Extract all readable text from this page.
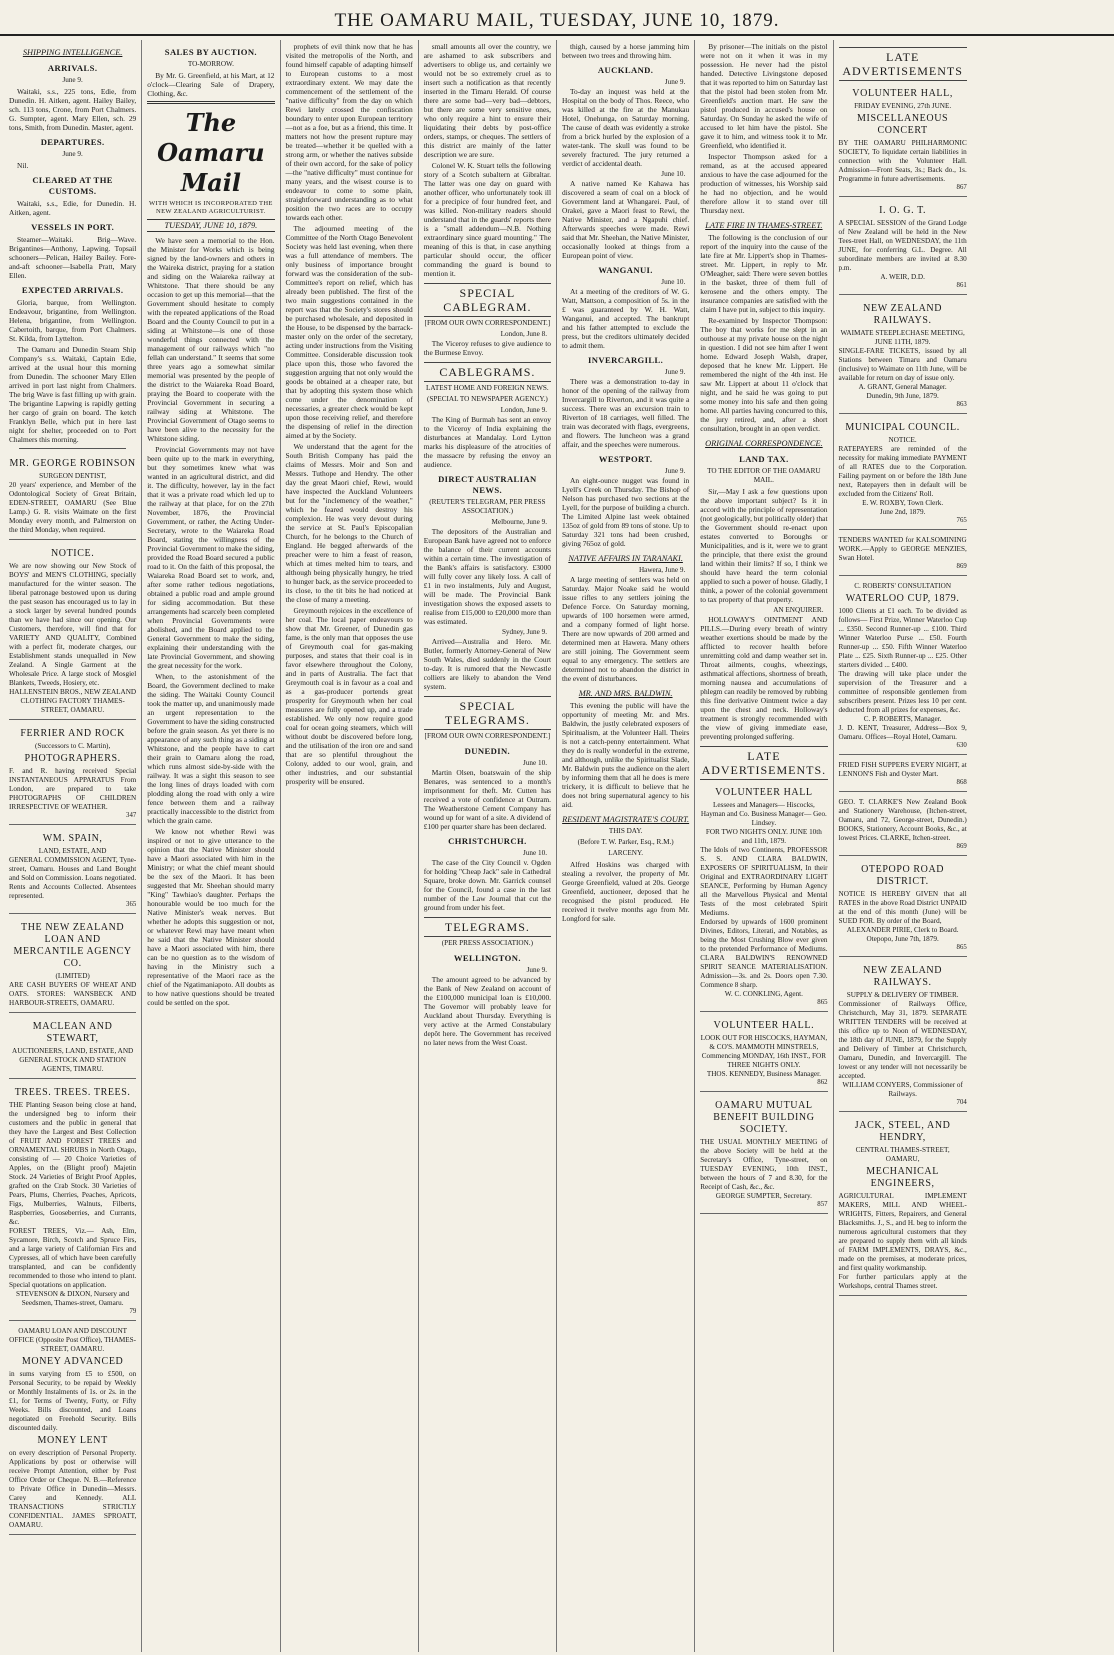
THE OAMARU MAIL, TUESDAY, JUNE 10, 1879.
SHIPPING INTELLIGENCE.
ARRIVALS.
June 9.
Waitaki, s.s., 225 tons, Edie, from Dunedin. H. Aitken, agent. Hailey Bailey, sch. 113 tons, Crone, from Port Chalmers. G. Sumpter, agent. Mary Ellen, sch. 29 tons, Smith, from Dunedin. Master, agent.
DEPARTURES.
June 9.
Nil.
CLEARED AT THE CUSTOMS.
Waitaki, s.s., Edie, for Dunedin. H. Aitken, agent.
VESSELS IN PORT.
Steamer—Waitaki. Brig—Wave. Brigantines—Anthony, Lapwing. Topsail schooners—Pelican, Hailey Bailey. Fore-and-aft schooner—Isabella Pratt, Mary Ellen.
EXPECTED ARRIVALS.
Gloria, barque, from Wellington. Endeavour, brigantine, from Wellington. Helena, brigantine, from Wellington. Cabertoith, barque, from Port Chalmers. St. Kilda, from Lyttelton.
The Oamaru and Dunedin Steam Ship Company's s.s. Waitaki, Captain Edie, arrived at the usual hour this morning from Dunedin. The schooner Mary Ellen arrived in port last night from Chalmers. The brig Wave is fast filling up with grain. The brigantine Lapwing is rapidly getting her cargo of grain on board. The ketch Franklyn Belle, which put in here last night for shelter, proceeded on to Port Chalmers this morning.
MR. GEORGE ROBINSON
SURGEON DENTIST,
20 years' experience, and Member of the Odontological Society of Great Britain, EDEN-STREET, OAMARU (See Blue Lamp.) G. R. visits Waimate on the first Monday every month, and Palmerston on the third Monday, when required.
NOTICE.
We are now showing our New Stock of BOYS' and MEN'S CLOTHING, specially manufactured for the winter season. The liberal patronage bestowed upon us during the past season has encouraged us to lay in a stock larger by several hundred pounds than we have had since our opening. Our Customers, therefore, will find that for VARIETY AND QUALITY, Combined with a perfect fit, moderate charges, our Establishment stands unequalled in New Zealand. A Single Garment at the Wholesale Price. A large stock of Mosgiel Blankets, Tweeds, Hosiery, etc.
HALLENSTEIN BROS., NEW ZEALAND CLOTHING FACTORY THAMES-STREET, OAMARU.
FERRIER AND ROCK
(Successors to C. Martin),
PHOTOGRAPHERS.
F. and R. having received Special INSTANTANEOUS APPARATUS From London, are prepared to take PHOTOGRAPHS OF CHILDREN IRRESPECTIVE OF WEATHER.
347
WM. SPAIN,
LAND, ESTATE, AND
GENERAL COMMISSION AGENT, Tyne-street, Oamaru. Houses and Land Bought and Sold on Commission. Loans negotiated. Rents and Accounts Collected. Absentees represented.
365
THE NEW ZEALAND LOAN AND MERCANTILE AGENCY CO.
(LIMITED)
ARE CASH BUYERS OF WHEAT AND OATS. STORES: WANSBECK AND HARBOUR-STREETS, OAMARU.
MACLEAN AND STEWART,
AUCTIONEERS, LAND, ESTATE, AND GENERAL STOCK AND STATION AGENTS, TIMARU.
TREES. TREES. TREES.
THE Planting Season being close at hand, the undersigned beg to inform their customers and the public in general that they have the Largest and Best Collection of FRUIT AND FOREST TREES and ORNAMENTAL SHRUBS in North Otago, consisting of — 20 Choice Varieties of Apples, on the (Blight proof) Majetin Stock. 24 Varieties of Bright Proof Apples, grafted on the Crab Stock. 30 Varieties of Pears, Plums, Cherries, Peaches, Apricots, Figs, Mulberries, Walnuts, Filberts, Raspberries, Gooseberries, and Currants, &c.
FOREST TREES, Viz.— Ash, Elm, Sycamore, Birch, Scotch and Spruce Firs, and a large variety of Californian Firs and Cypresses, all of which have been carefully transplanted, and can be confidently recommended to those who intend to plant. Special quotations on application.
STEVENSON & DIXON, Nursery and Seedsmen, Thames-street, Oamaru.
79
OAMARU LOAN AND DISCOUNT OFFICE (Opposite Post Office), THAMES-STREET, OAMARU.
MONEY ADVANCED
in sums varying from £5 to £500, on Personal Security, to be repaid by Weekly or Monthly Instalments of 1s. or 2s. in the £1, for Terms of Twenty, Forty, or Fifty Weeks. Bills discounted, and Loans negotiated on Freehold Security. Bills discounted daily.
MONEY LENT
on every description of Personal Property. Applications by post or otherwise will receive Prompt Attention, either by Post Office Order or Cheque. N. B.—Reference to Private Office in Dunedin—Messrs. Carey and Kennedy. ALL TRANSACTIONS STRICTLY CONFIDENTIAL. JAMES SPROATT, OAMARU.
SALES BY AUCTION.
TO-MORROW.
By Mr. G. Greenfield, at his Mart, at 12 o'clock—Clearing Sale of Drapery, Clothing, &c.
The Oamaru Mail
WITH WHICH IS INCORPORATED THE NEW ZEALAND AGRICULTURIST.
TUESDAY, JUNE 10, 1879.
We have seen a memorial to the Hon. the Minister for Works which is being signed by the land-owners and others in the Waireka district, praying for a station and siding on the Waiareka railway at Whitstone. That there should be any occasion to get up this memorial—that the Government should hesitate to comply with the repeated applications of the Road Board and the County Council to put in a siding at Whitstone—is one of those wonderful things connected with the management of our railways which "no fellah can understand." It seems that some three years ago a somewhat similar memorial was presented by the people of the district to the Waiareka Road Board, praying the Board to cooperate with the Provincial Government in securing a railway siding at Whitstone. The Provincial Government of Otago seems to have been alive to the necessity for the Whitstone siding.
Provincial Governments may not have been quite up to the mark in everything, but they sometimes knew what was wanted in an agricultural district, and did it. The difficulty, however, lay in the fact that it was a private road which led up to the railway at that place, for on the 27th November, 1876, the Provincial Government, or rather, the Acting Under-Secretary, wrote to the Waiareka Road Board, stating the willingness of the Provincial Government to make the siding, provided the Road Board secured a public road to it. On the faith of this proposal, the Waiareka Road Board set to work, and, after some rather tedious negotiations, obtained a public road and ample ground for siding accommodation. But these arrangements had scarcely been completed when Provincial Governments were abolished, and the Board applied to the General Government to make the siding, explaining their understanding with the late Provincial Government, and showing the great necessity for the work.
When, to the astonishment of the Board, the Government declined to make the siding. The Waitaki County Council took the matter up, and unanimously made an urgent representation to the Government to have the siding constructed before the grain season. As yet there is no appearance of any such thing as a siding at Whitstone, and the people have to cart their grain to Oamaru along the road, which runs almost side-by-side with the railway. It was a sight this season to see the long lines of drays loaded with corn plodding along the road with only a wire fence between them and a railway practically inaccessible to the district from which the grain came.
We know not whether Rewi was inspired or not to give utterance to the opinion that the Native Minister should have a Maori associated with him in the Ministry; or what the chief meant should be the sex of the Maori. It has been suggested that Mr. Sheehan should marry "King" Tawhiao's daughter. Perhaps the honourable would be too much for the Native Minister's weak nerves. But whether he adopts this suggestion or not, or whatever Rewi may have meant when he said that the Native Minister should have a Maori associated with him, there can be no question as to the wisdom of having in the Ministry such a representative of the Maori race as the chief of the Ngatimaniapoto. All doubts as to how native questions should be treated could be settled on the spot.
prophets of evil think now that he has visited the metropolis of the North, and found himself capable of adapting himself to European customs to a most extraordinary extent. We may date the commencement of the settlement of the "native difficulty" from the day on which Rewi lately crossed the confiscation boundary to enter upon European territory—not as a foe, but as a friend, this time. It matters not how the present rupture may be treated—whether it be quelled with a strong arm, or whether the natives subside of their own accord, for the sake of policy—the "native difficulty" must continue for many years, and the wisest course is to endeavour to come to some plain, straightforward understanding as to what position the two races are to occupy towards each other.
The adjourned meeting of the Committee of the North Otago Benevolent Society was held last evening, when there was a full attendance of members. The only business of importance brought forward was the consideration of the sub-Committee's report on relief, which has already been published. The first of the two main suggestions contained in the report was that the Society's stores should be purchased wholesale, and deposited in the House, to be dispensed by the barrack-master only on the order of the secretary, acting under instructions from the Visiting Committee. Considerable discussion took place upon this, those who favored the suggestion arguing that not only would the goods be obtained at a cheaper rate, but that by adopting this system those which come under the denomination of necessaries, a greater check would be kept upon those receiving relief, and therefore the dispensing of relief in the direction aimed at by the Society.
We understand that the agent for the South British Company has paid the claims of Messrs. Moir and Son and Messrs. Tuthope and Hendry. The other day the great Maori chief, Rewi, would have inspected the Auckland Volunteers but for the "inclemency of the weather," which he feared would destroy his complexion. He was very devout during the service at St. Paul's Episcopalian Church, for he belongs to the Church of England. He begged afterwards of the preacher were to him a feast of reason, which at times melted him to tears, and although being physically hungry, he tried to hunger back, as the service proceeded to its close, to the tit bits he had noticed at the close of many a meeting.
Greymouth rejoices in the excellence of her coal. The local paper endeavours to show that Mr. Greener, of Dunedin gas fame, is the only man that opposes the use of Greymouth coal for gas-making purposes, and states that their coal is in favor elsewhere throughout the Colony, and in parts of Australia. The fact that Greymouth coal is in favour as a coal and as a gas-producer portends great prosperity for Greymouth when her coal measures are fully opened up, and a trade established. We only now require good coal for ocean going steamers, which will without doubt be discovered before long, and the utilisation of the iron ore and sand that are so plentiful throughout the Colony, added to our wool, grain, and other industries, and our substantial prosperity will be ensured.
small amounts all over the country, we are ashamed to ask subscribers and advertisers to oblige us, and certainly we would not be so extremely cruel as to insert such a notification as that recently inserted in the Timaru Herald. Of course there are some bad—very bad—debtors, but there are some very sensitive ones, who only require a hint to ensure their liquidating their debts by post-office orders, stamps, or cheques. The settlers of this district are mainly of the latter description we are sure.
Colonel W. K. Stuart tells the following story of a Scotch subaltern at Gibraltar. The latter was one day on guard with another officer, who unfortunately took ill for a precipice of four hundred feet, and was killed. Non-military readers should understand that in the guards' reports there is a "small addendum—N.B. Nothing extraordinary since guard mounting." The meaning of this is that, in case anything particular should occur, the officer commanding the guard is bound to mention it.
SPECIAL CABLEGRAM.
[FROM OUR OWN CORRESPONDENT.]
London, June 8.
The Viceroy refuses to give audience to the Burmese Envoy.
CABLEGRAMS.
LATEST HOME AND FOREIGN NEWS.
(SPECIAL TO NEWSPAPER AGENCY.)
London, June 9.
The King of Burmah has sent an envoy to the Viceroy of India explaining the disturbances at Mandalay. Lord Lytton marks his displeasure of the atrocities of the massacre by refusing the envoy an audience.
DIRECT AUSTRALIAN NEWS.
(REUTER'S TELEGRAM, PER PRESS ASSOCIATION.)
Melbourne, June 9.
The depositors of the Australian and European Bank have agreed not to enforce the balance of their current accounts within a certain time. The investigation of the Bank's affairs is satisfactory. £3000 will fully cover any likely loss. A call of £1 in two instalments, July and August, will be made. The Provincial Bank investigation shows the exposed assets to realise from £15,000 to £20,000 more than was estimated.
Sydney, June 9.
Arrived—Australia and Hero. Mr. Butler, formerly Attorney-General of New South Wales, died suddenly in the Court to-day. It is rumored that the Newcastle colliers are likely to abandon the Vend system.
SPECIAL TELEGRAMS.
[FROM OUR OWN CORRESPONDENT.]
DUNEDIN.
June 10.
Martin Olsen, boatswain of the ship Benares, was sentenced to a month's imprisonment for theft. Mr. Cutten has received a vote of confidence at Outram. The Weatherstone Cement Company has wound up for want of a site. A dividend of £100 per quarter share has been declared.
CHRISTCHURCH.
June 10.
The case of the City Council v. Ogden for holding "Cheap Jack" sale in Cathedral Square, broke down. Mr. Garrick counsel for the Council, found a case in the last number of the Law Journal that cut the ground from under his feet.
TELEGRAMS.
(PER PRESS ASSOCIATION.)
WELLINGTON.
June 9.
The amount agreed to be advanced by the Bank of New Zealand on account of the £100,000 municipal loan is £10,000. The Governor will probably leave for Auckland about Thursday. Everything is very active at the Armed Constabulary depôt here. The Government has received no later news from the West Coast.
thigh, caused by a horse jamming him between two trees and throwing him.
AUCKLAND.
June 9.
To-day an inquest was held at the Hospital on the body of Thos. Reece, who was killed at the fire at the Manukau Hotel, Onehunga, on Saturday morning. The cause of death was evidently a stroke from a brick hurled by the explosion of a water-tank. The skull was found to be severely fractured. The jury returned a verdict of accidental death.
June 10.
A native named Ke Kahawa has discovered a seam of coal on a block of Government land at Whangarei. Paul, of Orakei, gave a Maori feast to Rewi, the Native Minister, and a Ngapuhi chief. Afterwards speeches were made. Rewi said that Mr. Sheehan, the Native Minister, occasionally looked at things from a European point of view.
WANGANUI.
June 10.
At a meeting of the creditors of W. G. Watt, Mattson, a composition of 5s. in the £ was guaranteed by W. H. Watt, Wanganui, and accepted. The bankrupt and his father attempted to exclude the press, but the creditors ultimately decided to admit them.
INVERCARGILL.
June 9.
There was a demonstration to-day in honor of the opening of the railway from Invercargill to Riverton, and it was quite a success. There was an excursion train to Riverton of 18 carriages, well filled. The train was decorated with flags, evergreens, and flowers. The luncheon was a grand affair, and the speeches were numerous.
WESTPORT.
June 9.
An eight-ounce nugget was found in Lyell's Creek on Thursday. The Bishop of Nelson has purchased two sections at the Lyell, for the purpose of building a church. The Limited Alpine last week obtained 135oz of gold from 89 tons of stone. Up to Saturday 321 tons had been crushed, giving 765oz of gold.
NATIVE AFFAIRS IN TARANAKI.
Hawera, June 9.
A large meeting of settlers was held on Saturday. Major Noake said he would issue rifles to any settlers joining the Defence Force. On Saturday morning, upwards of 100 horsemen were armed, and a company formed of light horse. There are now upwards of 200 armed and determined men at Hawera. Many others are still joining. The Government seem equal to any emergency. The settlers are determined not to abandon the district in the event of disturbances.
MR. AND MRS. BALDWIN.
This evening the public will have the opportunity of meeting Mr. and Mrs. Baldwin, the justly celebrated exposers of Spiritualism, at the Volunteer Hall. Theirs is not a catch-penny entertainment. What they do is really wonderful in the extreme, and although, unlike the Spiritualist Slade, Mr. Baldwin puts the audience on the alert by informing them that all he does is mere trickery, it is difficult to believe that he does not bring supernatural agency to his aid.
RESIDENT MAGISTRATE'S COURT.
THIS DAY.
(Before T. W. Parker, Esq., R.M.)
LARCENY.
Alfred Hoskins was charged with stealing a revolver, the property of Mr. George Greenfield, valued at 20s. George Greenfield, auctioneer, deposed that he recognised the pistol produced. He received it twelve months ago from Mr. Longford for sale.
By prisoner—The initials on the pistol were not on it when it was in my possession. He never had the pistol handed. Detective Livingstone deposed that it was reported to him on Saturday last that the pistol had been stolen from Mr. Greenfield's auction mart. He saw the pistol produced in accused's house on Saturday. On Sunday he asked the wife of accused to let him have the pistol. She gave it to him, and witness took it to Mr. Greenfield, who identified it.
Inspector Thompson asked for a remand, as at the accused appeared anxious to have the case adjourned for the production of witnesses, his Worship said he had no objection, and he would therefore allow it to stand over till Thursday next.
LATE FIRE IN THAMES-STREET.
The following is the conclusion of our report of the inquiry into the cause of the late fire at Mr. Lippert's shop in Thames-street. Mr. Lippert, in reply to Mr. O'Meagher, said: There were seven bottles in the basket, three of them full of kerosene and the others empty. The insurance companies are satisfied with the claim I have put in, subject to this inquiry.
Re-examined by Inspector Thompson: The boy that works for me slept in an outhouse at my private house on the night in question. I did not see him after I went home. Edward Joseph Walsh, draper, deposed that he knew Mr. Lippert. He remembered the night of the 4th inst. He saw Mr. Lippert at about 11 o'clock that night, and he said he was going to put some money into his safe and then going home. All parties having concurred to this, the jury retired, and, after a short consultation, brought in an open verdict.
ORIGINAL CORRESPONDENCE.
LAND TAX.
TO THE EDITOR OF THE OAMARU MAIL.
Sir,—May I ask a few questions upon the above important subject? Is it in accord with the principle of representation (not geologically, but politically older) that the Government should re-enact upon estates converted to Boroughs or Municipalities, and is it, were we to grant the principle, that there exist the ground land within their limits? If so, I think we should have heard the term colonial applied to such a power of house. Gladly, I think, a power of the colonial government to tax property of that property.
AN ENQUIRER.
HOLLOWAY'S OINTMENT AND PILLS.—During every breath of wintry weather exertions should be made by the afflicted to recover health before unremitting cold and damp weather set in. Throat ailments, coughs, wheezings, asthmatical affections, shortness of breath, morning nausea and accumulations of phlegm can readily be removed by rubbing this fine derivative Ointment twice a day upon the chest and neck. Holloway's treatment is strongly recommended with the view of giving immediate ease, preventing prolonged suffering.
LATE ADVERTISEMENTS.
VOLUNTEER HALL
Lessees and Managers— Hiscocks, Hayman and Co. Business Manager— Geo. Lindsey.
FOR TWO NIGHTS ONLY. JUNE 10th and 11th, 1879.
The Idols of two Continents, PROFESSOR S. S. AND CLARA BALDWIN, EXPOSERS OF SPIRITUALISM, In their Original and EXTRAORDINARY LIGHT SEANCE, Performing by Human Agency all the Marvellous Physical and Mental Tests of the most celebrated Spirit Mediums.
Endorsed by upwards of 1600 prominent Divines, Editors, Literati, and Notables, as being the Most Crushing Blow ever given to the pretended Performance of Mediums. CLARA BALDWIN'S RENOWNED SPIRIT SEANCE MATERIALISATION. Admission—3s. and 2s. Doors open 7.30. Commence 8 sharp.
W. C. CONKLING, Agent.
865
VOLUNTEER HALL.
LOOK OUT FOR HISCOCKS, HAYMAN, & CO'S. MAMMOTH MINSTRELS, Commencing MONDAY, 16th INST., FOR THREE NIGHTS ONLY.
THOS. KENNEDY, Business Manager.
862
OAMARU MUTUAL BENEFIT BUILDING SOCIETY.
THE USUAL MONTHLY MEETING of the above Society will be held at the Secretary's Office, Tyne-street, on TUESDAY EVENING, 10th INST., between the hours of 7 and 8.30, for the Receipt of Cash, &c., &c.
GEORGE SUMPTER, Secretary.
857
LATE ADVERTISEMENTS
VOLUNTEER HALL,
FRIDAY EVENING, 27th JUNE.
MISCELLANEOUS CONCERT
BY THE OAMARU PHILHARMONIC SOCIETY, To liquidate certain liabilities in connection with the Volunteer Hall. Admission—Front Seats, 3s.; Back do., 1s. Programme in future advertisements.
867
I. O. G. T.
A SPECIAL SESSION of the Grand Lodge of New Zealand will be held in the New Tees-treet Hall, on WEDNESDAY, the 11th JUNE, for conferring G.L. Degree. All subordinate members are invited at 8.30 p.m.
A. WEIR, D.D.
861
NEW ZEALAND RAILWAYS.
WAIMATE STEEPLECHASE MEETING, JUNE 11TH, 1879.
SINGLE-FARE TICKETS, issued by all Stations between Timaru and Oamaru (inclusive) to Waimate on 11th June, will be available for return on day of issue only.
A. GRANT, General Manager.
Dunedin, 9th June, 1879.
863
MUNICIPAL COUNCIL.
NOTICE.
RATEPAYERS are reminded of the necessity for making immediate PAYMENT of all RATES due to the Corporation. Failing payment on or before the 18th June next, Ratepayers then in default will be excluded from the Citizens' Roll.
E. W. ROXBY, Town Clerk.
June 2nd, 1879.
765
TENDERS WANTED for KALSOMINING WORK.—Apply to GEORGE MENZIES, Swan Hotel.
869
C. ROBERTS' CONSULTATION
WATERLOO CUP, 1879.
1000 Clients at £1 each. To be divided as follows— First Prize, Winner Waterloo Cup ... £350. Second Runner-up ... £100. Third Winner Waterloo Purse ... £50. Fourth Runner-up ... £50. Fifth Winner Waterloo Plate ... £25. Sixth Runner-up ... £25. Other starters divided ... £400.
The drawing will take place under the supervision of the Treasurer and a committee of responsible gentlemen from subscribers present. Prizes less 10 per cent. deducted from all prizes for expenses, &c.
C. P. ROBERTS, Manager.
J. D. KENT, Treasurer, Address—Box 9, Oamaru. Offices—Royal Hotel, Oamaru.
630
FRIED FISH SUPPERS EVERY NIGHT, at LENNON'S Fish and Oyster Mart.
868
GEO. T. CLARKE'S New Zealand Book and Stationery Warehouse, (Itchen-street, Oamaru, and 72, George-street, Dunedin.) BOOKS, Stationery, Account Books, &c., at lowest Prices. CLARKE, Itchen-street.
869
OTEPOPO ROAD DISTRICT.
NOTICE IS HEREBY GIVEN that all RATES in the above Road District UNPAID at the end of this month (June) will be SUED FOR. By order of the Board,
ALEXANDER PIRIE, Clerk to Board.
Otepopo, June 7th, 1879.
865
NEW ZEALAND RAILWAYS.
SUPPLY & DELIVERY OF TIMBER.
Commissioner of Railways Office, Christchurch, May 31, 1879. SEPARATE WRITTEN TENDERS will be received at this office up to Noon of WEDNESDAY, the 18th day of JUNE, 1879, for the Supply and Delivery of Timber at Christchurch, Oamaru, Dunedin, and Invercargill. The lowest or any tender will not necessarily be accepted.
WILLIAM CONYERS, Commissioner of Railways.
704
JACK, STEEL, AND HENDRY,
CENTRAL THAMES-STREET, OAMARU,
MECHANICAL ENGINEERS,
AGRICULTURAL IMPLEMENT MAKERS, MILL AND WHEEL-WRIGHTS, Fitters, Repairers, and General Blacksmiths. J., S., and H. beg to inform the numerous agricultural customers that they are prepared to supply them with all kinds of FARM IMPLEMENTS, DRAYS, &c., made on the premises, at moderate prices, and first quality workmanship.
For further particulars apply at the Workshops, central Thames street.
